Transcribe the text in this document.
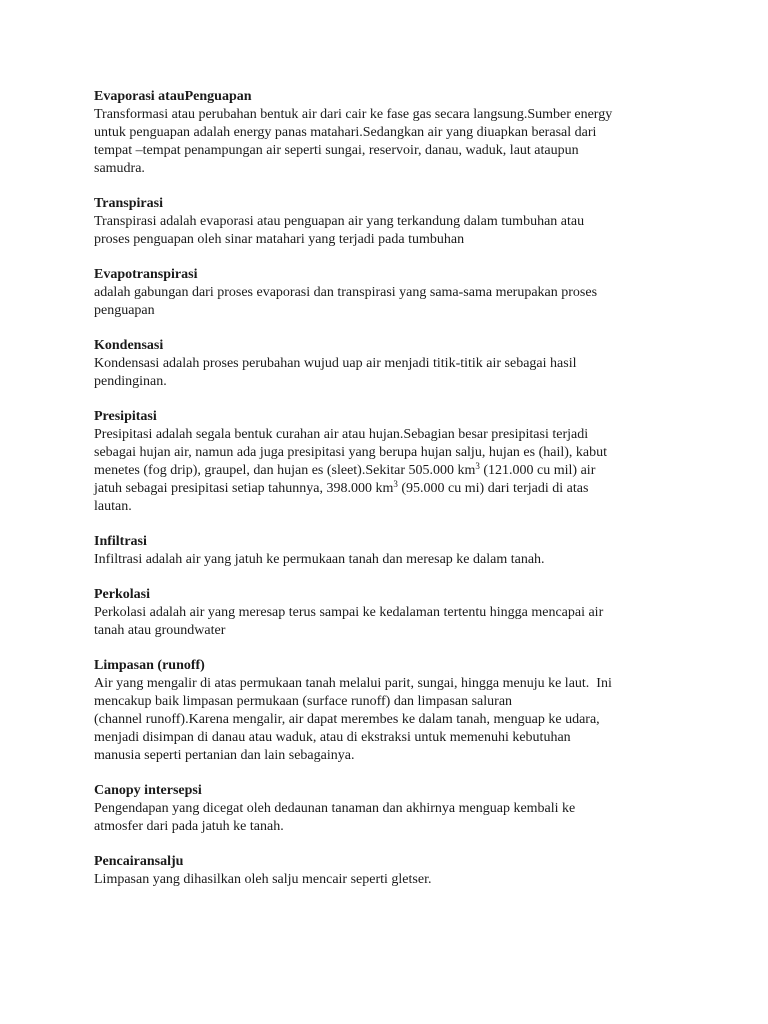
Evaporasi atauPenguapan
Transformasi atau perubahan bentuk air dari cair ke fase gas secara langsung.Sumber energy
untuk penguapan adalah energy panas matahari.Sedangkan air yang diuapkan berasal dari
tempat –tempat penampungan air seperti sungai, reservoir, danau, waduk, laut ataupun
samudra.
Transpirasi
Transpirasi adalah evaporasi atau penguapan air yang terkandung dalam tumbuhan atau
proses penguapan oleh sinar matahari yang terjadi pada tumbuhan
Evapotranspirasi
adalah gabungan dari proses evaporasi dan transpirasi yang sama-sama merupakan proses
penguapan
Kondensasi
Kondensasi adalah proses perubahan wujud uap air menjadi titik-titik air sebagai hasil
pendinginan.
Presipitasi
Presipitasi adalah segala bentuk curahan air atau hujan.Sebagian besar presipitasi terjadi
sebagai hujan air, namun ada juga presipitasi yang berupa hujan salju, hujan es (hail), kabut
menetes (fog drip), graupel, dan hujan es (sleet).Sekitar 505.000 $km^3$ (121.000 cu mil) air
jatuh sebagai presipitasi setiap tahunnya, 398.000 $km^3$ (95.000 cu mi) dari terjadi di atas
lautan.
Infiltrasi
Infiltrasi adalah air yang jatuh ke permukaan tanah dan meresap ke dalam tanah.
Perkolasi
Perkolasi adalah air yang meresap terus sampai ke kedalaman tertentu hingga mencapai air
tanah atau groundwater
Limpasan (runoff)
Air yang mengalir di atas permukaan tanah melalui parit, sungai, hingga menuju ke laut.  Ini
mencakup baik limpasan permukaan (surface runoff) dan limpasan saluran
(channel runoff).Karena mengalir, air dapat merembes ke dalam tanah, menguap ke udara,
menjadi disimpan di danau atau waduk, atau di ekstraksi untuk memenuhi kebutuhan
manusia seperti pertanian dan lain sebagainya.
Canopy intersepsi
Pengendapan yang dicegat oleh dedaunan tanaman dan akhirnya menguap kembali ke
atmosfer dari pada jatuh ke tanah.
Pencairansalju
Limpasan yang dihasilkan oleh salju mencair seperti gletser.
